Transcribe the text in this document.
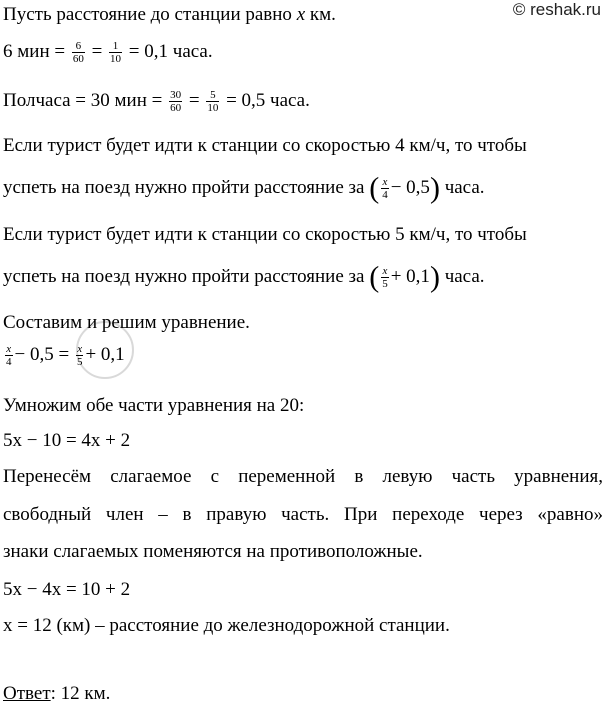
© reshak.ru
Пусть расстояние до станции равно x км.
6 мин = $\frac{6}{60} = \frac{1}{10} = 0,1$ часа.
Полчаса = 30 мин = $\frac{30}{60} = \frac{5}{10} = 0,5$ часа.
Если турист будет идти к станции со скоростью 4 км/ч, то чтобы
успеть на поезд нужно пройти расстояние за ( $\frac{x}{4} - 0,5$) часа.
Если турист будет идти к станции со скоростью 5 км/ч, то чтобы
успеть на поезд нужно пройти расстояние за ( $\frac{x}{5} + 0,1$) часа.
Составим и решим уравнение.
$\frac{x}{4} - 0,5 = \frac{x}{5} + 0,1$
Умножим обе части уравнения на 20:
5x − 10 = 4x + 2
Перенесём слагаемое с переменной в левую часть уравнения,
свободный член – в правую часть. При переходе через «равно»
знаки слагаемых поменяются на противоположные.
5x − 4x = 10 + 2
x = 12 (км) – расстояние до железнодорожной станции.
Ответ: 12 км.
